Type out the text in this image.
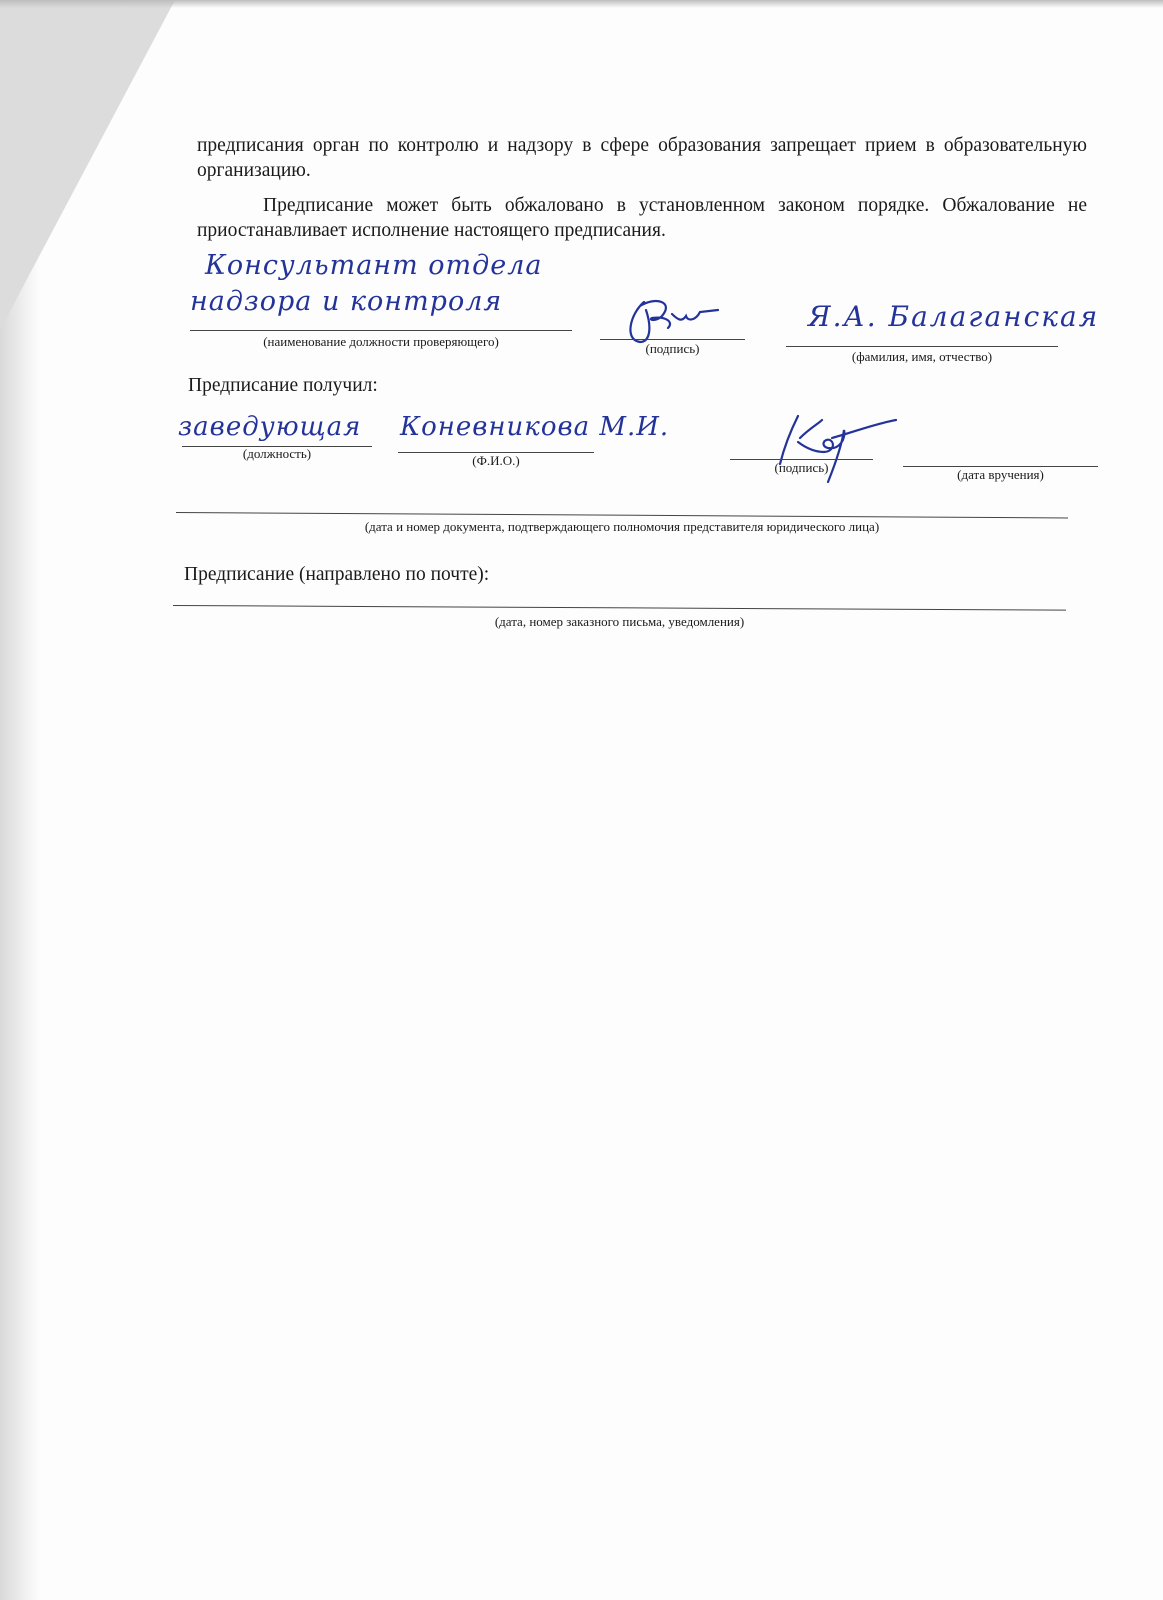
предписания орган по контролю и надзору в сфере образования запрещает прием в образовательную организацию.
Предписание может быть обжаловано в установленном законом порядке. Обжалование не приостанавливает исполнение настоящего предписания.
Консультант отдела
надзора и контроля
(наименование должности проверяющего)	(подпись)
Я.А. Балаганская
(фамилия, имя, отчество)
Предписание получил:
заведующая
(должность)
Коневникова М.И.
(Ф.И.О.)	(подпись)	(дата вручения)
(дата и номер документа, подтверждающего полномочия представителя юридического лица)
Предписание (направлено по почте):
(дата, номер заказного письма, уведомления)
